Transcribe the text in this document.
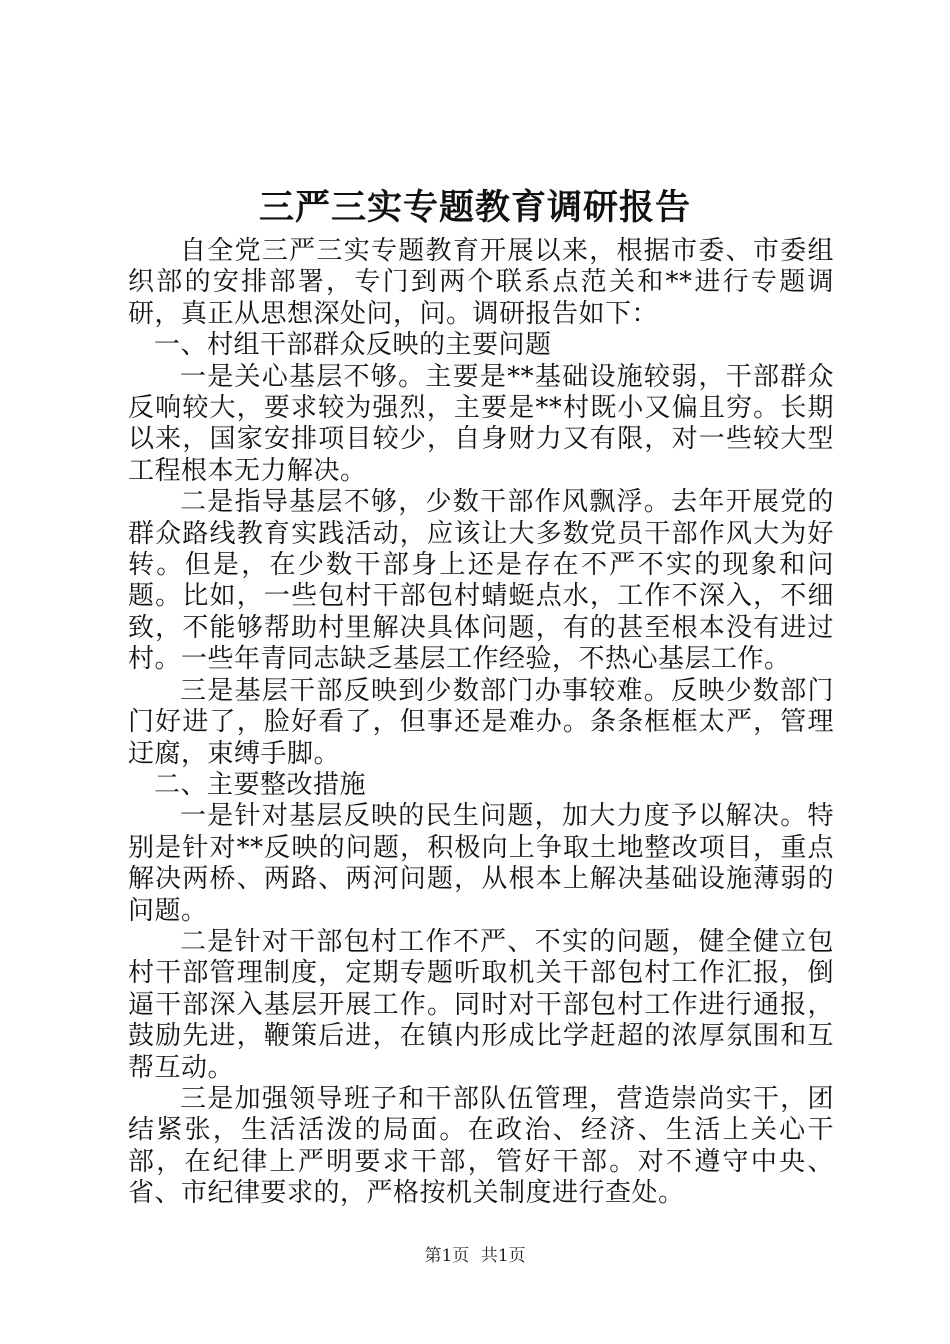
三严三实专题教育调研报告

自全党三严三实专题教育开展以来，根据市委、市委组织部的安排部署，专门到两个联系点范关和**进行专题调研，真正从思想深处问，问。调研报告如下：

一、村组干部群众反映的主要问题

一是关心基层不够。主要是**基础设施较弱，干部群众反响较大，要求较为强烈，主要是**村既小又偏且穷。长期以来，国家安排项目较少，自身财力又有限，对一些较大型工程根本无力解决。

二是指导基层不够，少数干部作风飘浮。去年开展党的群众路线教育实践活动，应该让大多数党员干部作风大为好转。但是，在少数干部身上还是存在不严不实的现象和问题。比如，一些包村干部包村蜻蜓点水，工作不深入，不细致，不能够帮助村里解决具体问题，有的甚至根本没有进过村。一些年青同志缺乏基层工作经验，不热心基层工作。

三是基层干部反映到少数部门办事较难。反映少数部门门好进了，脸好看了，但事还是难办。条条框框太严，管理迂腐，束缚手脚。

二、主要整改措施

一是针对基层反映的民生问题，加大力度予以解决。特别是针对**反映的问题，积极向上争取土地整改项目，重点解决两桥、两路、两河问题，从根本上解决基础设施薄弱的问题。

二是针对干部包村工作不严、不实的问题，健全健立包村干部管理制度，定期专题听取机关干部包村工作汇报，倒逼干部深入基层开展工作。同时对干部包村工作进行通报，鼓励先进，鞭策后进，在镇内形成比学赶超的浓厚氛围和互帮互动。

三是加强领导班子和干部队伍管理，营造崇尚实干，团结紧张，生活活泼的局面。在政治、经济、生活上关心干部，在纪律上严明要求干部，管好干部。对不遵守中央、省、市纪律要求的，严格按机关制度进行查处。

第1页 共1页
